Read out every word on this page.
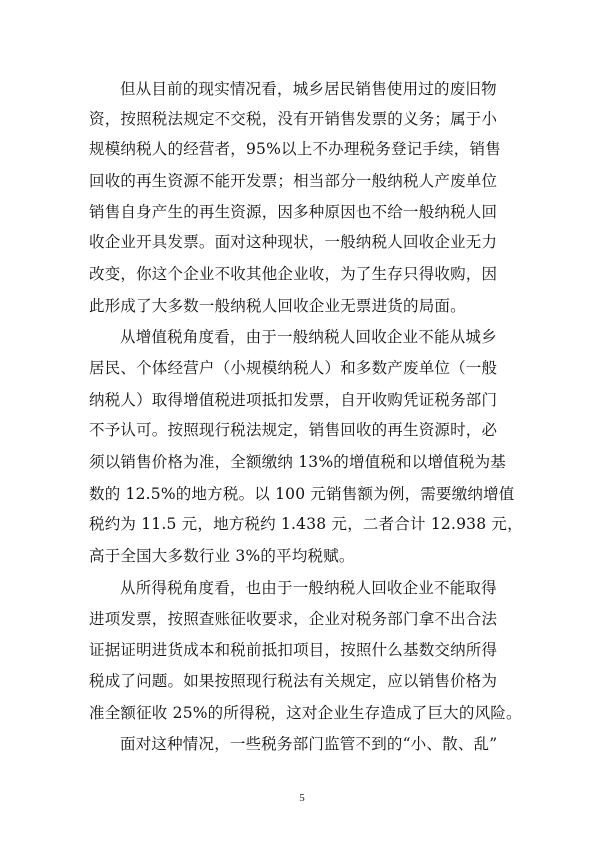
但从目前的现实情况看，城乡居民销售使用过的废旧物
资，按照税法规定不交税，没有开销售发票的义务；属于小
规模纳税人的经营者，95%以上不办理税务登记手续，销售
回收的再生资源不能开发票；相当部分一般纳税人产废单位
销售自身产生的再生资源，因多种原因也不给一般纳税人回
收企业开具发票。面对这种现状，一般纳税人回收企业无力
改变，你这个企业不收其他企业收，为了生存只得收购，因
此形成了大多数一般纳税人回收企业无票进货的局面。
从增值税角度看，由于一般纳税人回收企业不能从城乡
居民、个体经营户（小规模纳税人）和多数产废单位（一般
纳税人）取得增值税进项抵扣发票，自开收购凭证税务部门
不予认可。按照现行税法规定，销售回收的再生资源时，必
须以销售价格为准，全额缴纳 13%的增值税和以增值税为基
数的 12.5%的地方税。以 100 元销售额为例，需要缴纳增值
税约为 11.5 元，地方税约 1.438 元，二者合计 12.938 元，
高于全国大多数行业 3%的平均税赋。
从所得税角度看，也由于一般纳税人回收企业不能取得
进项发票，按照查账征收要求，企业对税务部门拿不出合法
证据证明进货成本和税前抵扣项目，按照什么基数交纳所得
税成了问题。如果按照现行税法有关规定，应以销售价格为
准全额征收 25%的所得税，这对企业生存造成了巨大的风险。
面对这种情况，一些税务部门监管不到的“小、散、乱”
5
